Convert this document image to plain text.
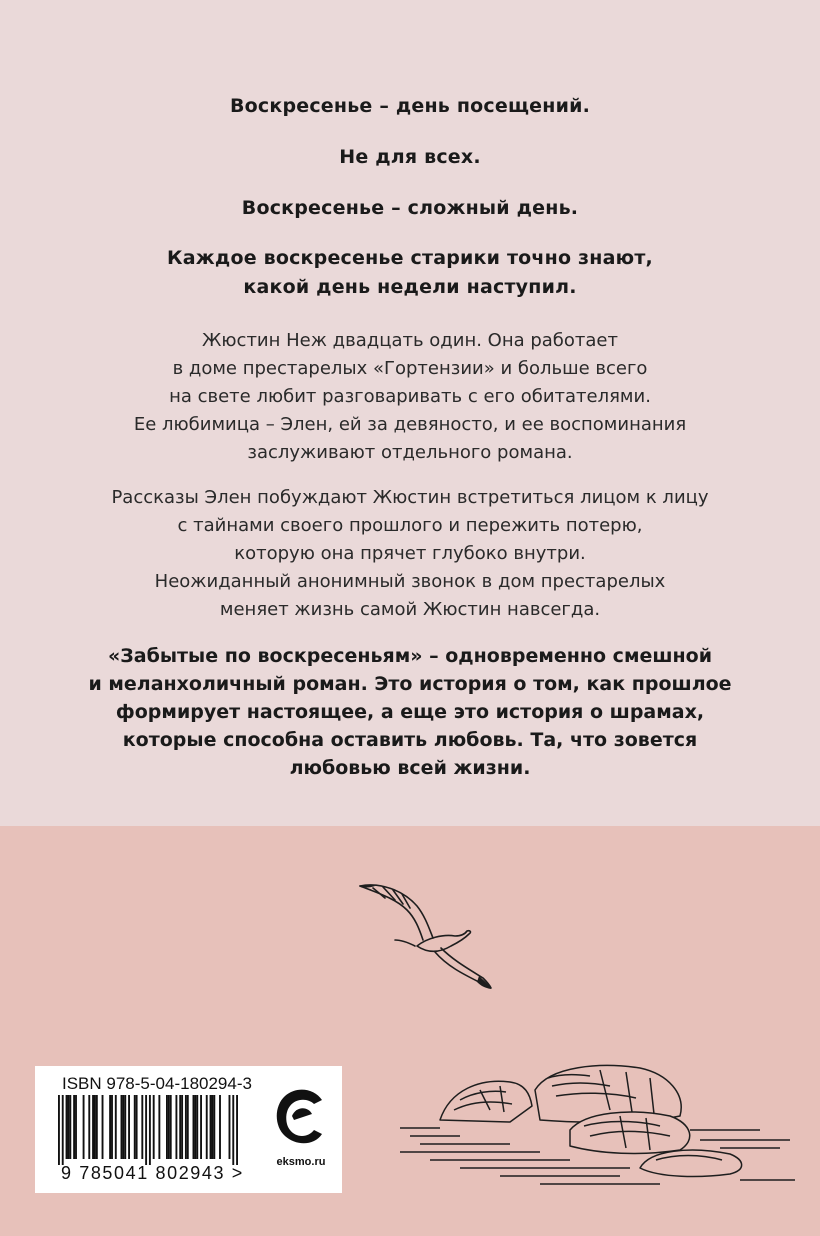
Воскресенье – день посещений.
Не для всех.
Воскресенье – сложный день.
Каждое воскресенье старики точно знают,
какой день недели наступил.
Жюстин Неж двадцать один. Она работает
в доме престарелых «Гортензии» и больше всего
на свете любит разговаривать с его обитателями.
Ее любимица – Элен, ей за девяносто, и ее воспоминания
заслуживают отдельного романа.
Рассказы Элен побуждают Жюстин встретиться лицом к лицу
с тайнами своего прошлого и пережить потерю,
которую она прячет глубоко внутри.
Неожиданный анонимный звонок в дом престарелых
меняет жизнь самой Жюстин навсегда.
«Забытые по воскресеньям» – одновременно смешной
и меланхоличный роман. Это история о том, как прошлое
формирует настоящее, а еще это история о шрамах,
которые способна оставить любовь. Та, что зовется
любовью всей жизни.
ISBN 978-5-04-180294-3
9 785041 802943 >
eksmo.ru
